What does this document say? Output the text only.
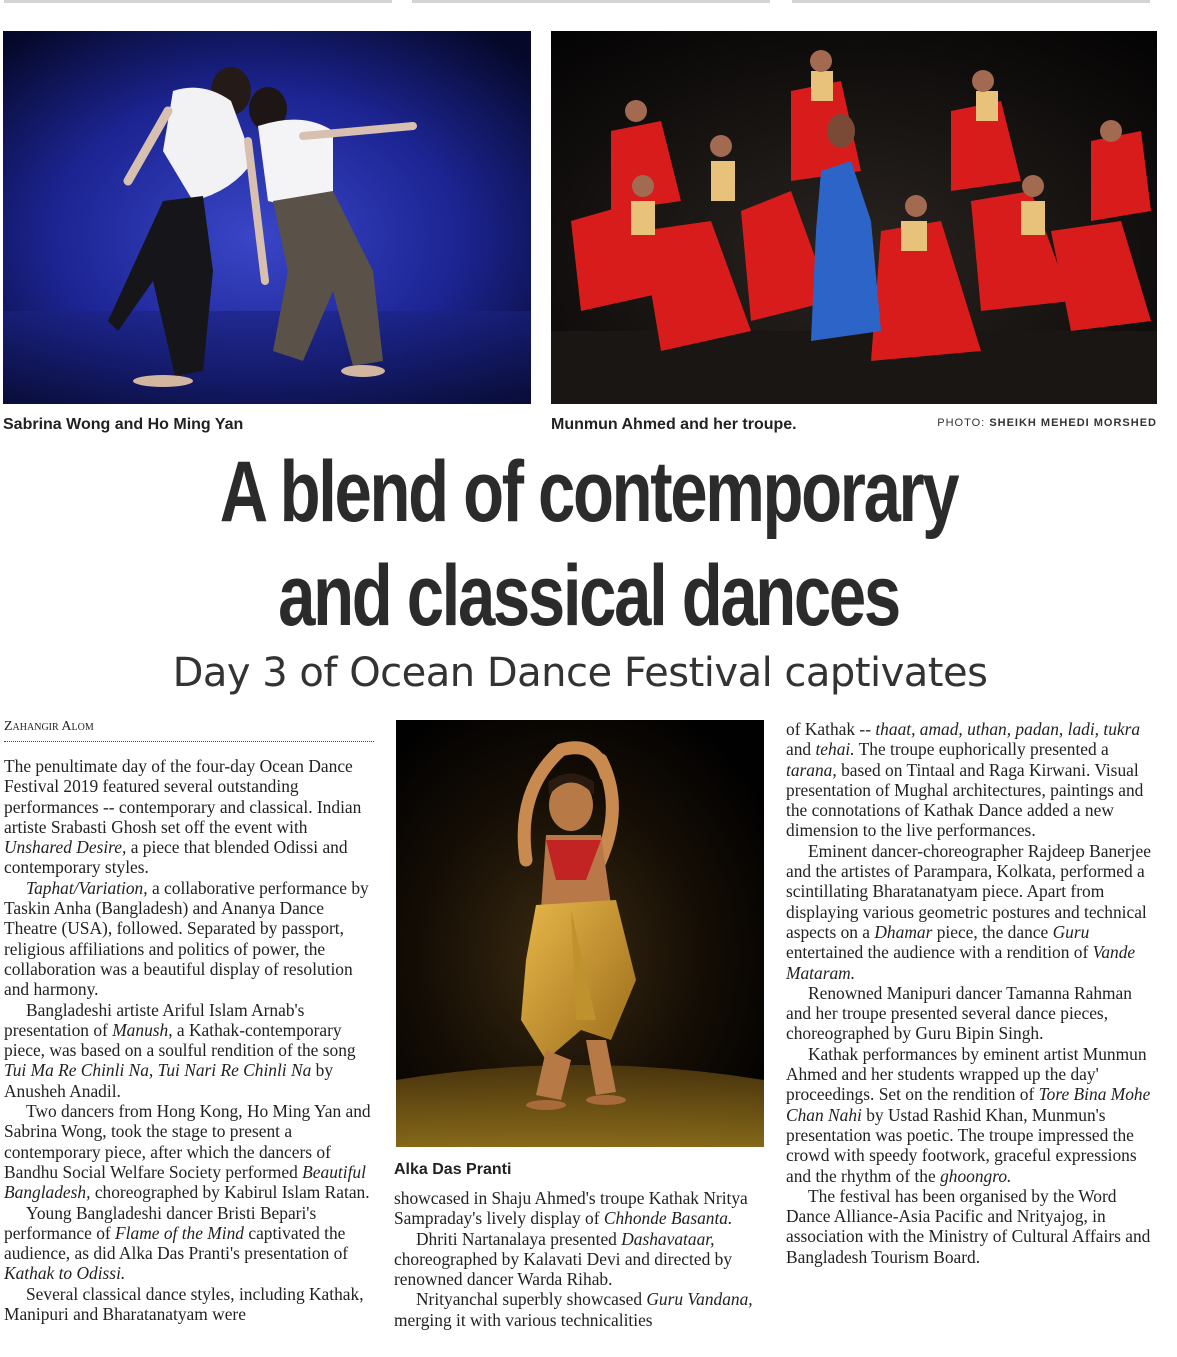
Sabrina Wong and Ho Ming Yan	Munmun Ahmed and her troupe.	PHOTO: SHEIKH MEHEDI MORSHED
A blend of contemporary
and classical dances
Day 3 of Ocean Dance Festival captivates
Zahangir Alom

The penultimate day of the four-day Ocean Dance Festival 2019 featured several outstanding performances -- contemporary and classical. Indian artiste Srabasti Ghosh set off the event with Unshared Desire, a piece that blended Odissi and contemporary styles.

Taphat/Variation, a collaborative performance by Taskin Anha (Bangladesh) and Ananya Dance Theatre (USA), followed. Separated by passport, religious affiliations and politics of power, the collaboration was a beautiful display of resolution and harmony.

Bangladeshi artiste Ariful Islam Arnab's presentation of Manush, a Kathak-contemporary piece, was based on a soulful rendition of the song Tui Ma Re Chinli Na, Tui Nari Re Chinli Na by Anusheh Anadil.

Two dancers from Hong Kong, Ho Ming Yan and Sabrina Wong, took the stage to present a contemporary piece, after which the dancers of Bandhu Social Welfare Society performed Beautiful Bangladesh, choreographed by Kabirul Islam Ratan.

Young Bangladeshi dancer Bristi Bepari's performance of Flame of the Mind captivated the audience, as did Alka Das Pranti's presentation of Kathak to Odissi.

Several classical dance styles, including Kathak, Manipuri and Bharatanatyam were

Alka Das Pranti

showcased in Shaju Ahmed's troupe Kathak Nritya Sampraday's lively display of Chhonde Basanta.

Dhriti Nartanalaya presented Dashavataar, choreographed by Kalavati Devi and directed by renowned dancer Warda Rihab.

Nrityanchal superbly showcased Guru Vandana, merging it with various technicalities

of Kathak -- thaat, amad, uthan, padan, ladi, tukra and tehai. The troupe euphorically presented a tarana, based on Tintaal and Raga Kirwani. Visual presentation of Mughal architectures, paintings and the connotations of Kathak Dance added a new dimension to the live performances.

Eminent dancer-choreographer Rajdeep Banerjee and the artistes of Parampara, Kolkata, performed a scintillating Bharatanatyam piece. Apart from displaying various geometric postures and technical aspects on a Dhamar piece, the dance Guru entertained the audience with a rendition of Vande Mataram.

Renowned Manipuri dancer Tamanna Rahman and her troupe presented several dance pieces, choreographed by Guru Bipin Singh.

Kathak performances by eminent artist Munmun Ahmed and her students wrapped up the day' proceedings. Set on the rendition of Tore Bina Mohe Chan Nahi by Ustad Rashid Khan, Munmun's presentation was poetic. The troupe impressed the crowd with speedy footwork, graceful expressions and the rhythm of the ghoongro.

The festival has been organised by the Word Dance Alliance-Asia Pacific and Nrityajog, in association with the Ministry of Cultural Affairs and Bangladesh Tourism Board.
